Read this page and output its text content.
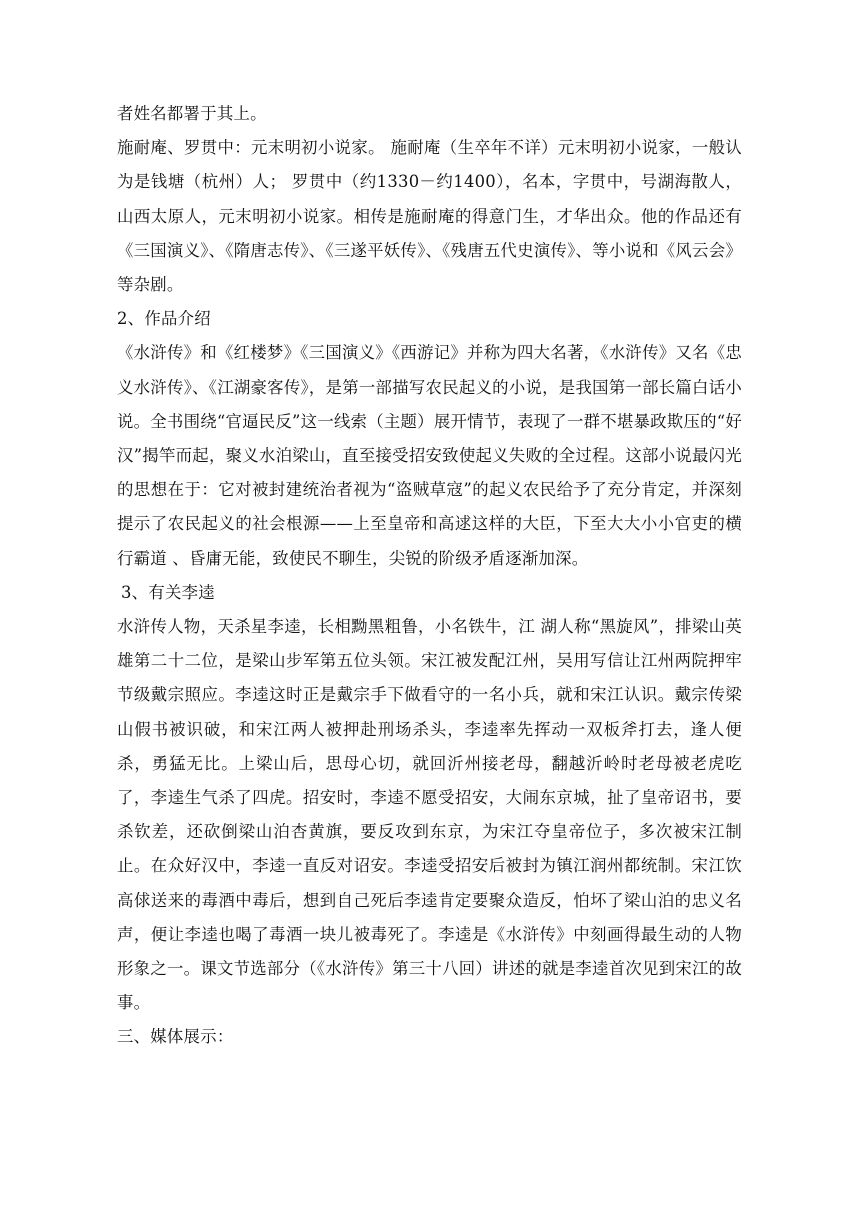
者姓名都署于其上。

施耐庵、罗贯中：元末明初小说家。 施耐庵（生卒年不详）元末明初小说家，一般认为是钱塘（杭州）人； 罗贯中（约1330－约1400），名本，字贯中，号湖海散人，山西太原人，元末明初小说家。相传是施耐庵的得意门生，才华出众。他的作品还有《三国演义》、《隋唐志传》、《三遂平妖传》、《残唐五代史演传》、等小说和《风云会》等杂剧。

2、作品介绍

《水浒传》和《红楼梦》《三国演义》《西游记》并称为四大名著，《水浒传》又名《忠义水浒传》、《江湖豪客传》，是第一部描写农民起义的小说，是我国第一部长篇白话小说。全书围绕“官逼民反”这一线索（主题）展开情节，表现了一群不堪暴政欺压的“好汉”揭竿而起，聚义水泊梁山，直至接受招安致使起义失败的全过程。这部小说最闪光的思想在于：它对被封建统治者视为“盗贼草寇”的起义农民给予了充分肯定，并深刻提示了农民起义的社会根源——上至皇帝和高逑这样的大臣，下至大大小小官吏的横行霸道 、昏庸无能，致使民不聊生，尖锐的阶级矛盾逐渐加深。

3、有关李逵

水浒传人物，天杀星李逵，长相黝黑粗鲁，小名铁牛，江 湖人称“黑旋风”，排梁山英雄第二十二位，是梁山步军第五位头领。宋江被发配江州，吴用写信让江州两院押牢节级戴宗照应。李逵这时正是戴宗手下做看守的一名小兵，就和宋江认识。戴宗传梁山假书被识破，和宋江两人被押赴刑场杀头，李逵率先挥动一双板斧打去，逢人便杀，勇猛无比。上梁山后，思母心切，就回沂州接老母，翻越沂岭时老母被老虎吃了，李逵生气杀了四虎。招安时，李逵不愿受招安，大闹东京城，扯了皇帝诏书，要杀钦差，还砍倒梁山泊杏黄旗，要反攻到东京，为宋江夺皇帝位子，多次被宋江制止。在众好汉中，李逵一直反对诏安。李逵受招安后被封为镇江润州都统制。宋江饮高俅送来的毒酒中毒后，想到自己死后李逵肯定要聚众造反，怕坏了梁山泊的忠义名声，便让李逵也喝了毒酒一块儿被毒死了。李逵是《水浒传》中刻画得最生动的人物形象之一。课文节选部分（《水浒传》第三十八回）讲述的就是李逵首次见到宋江的故事。

三、媒体展示：
